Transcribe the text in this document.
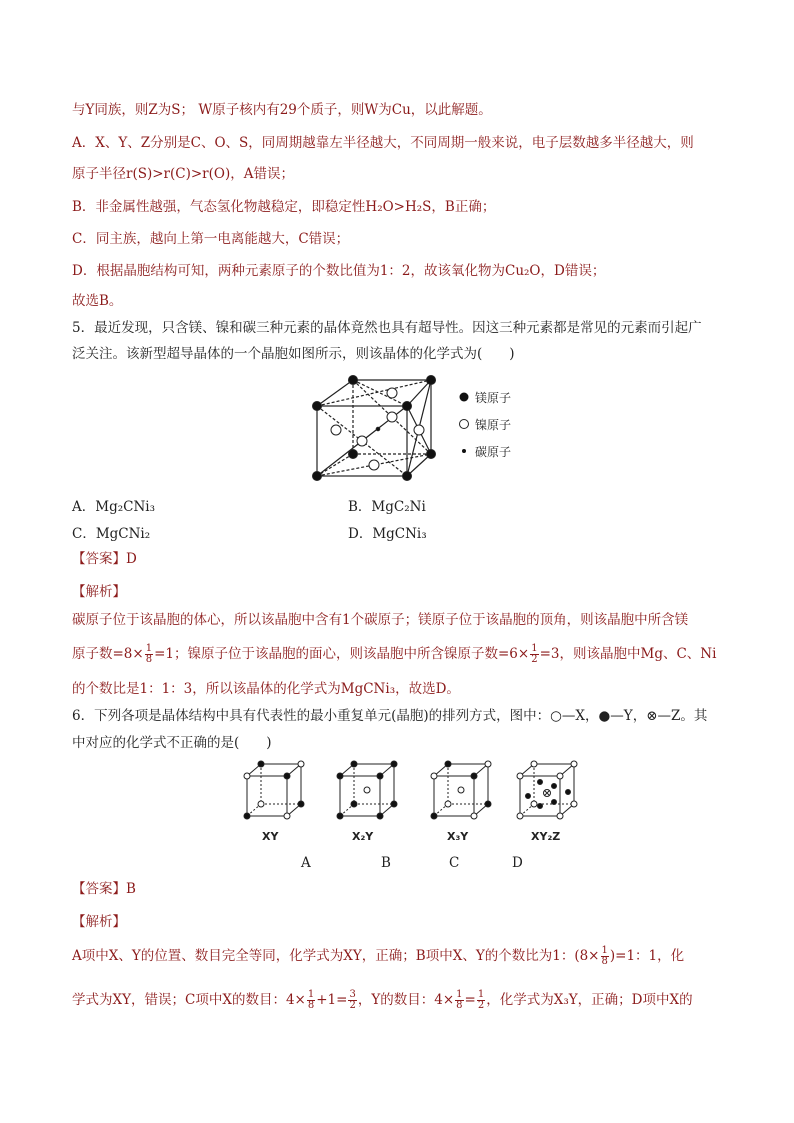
与Y同族，则Z为S； W原子核内有29个质子，则W为Cu，以此解题。
A．X、Y、Z分别是C、O、S，同周期越靠左半径越大，不同周期一般来说，电子层数越多半径越大，则
原子半径r(S)>r(C)>r(O)，A错误；
B．非金属性越强，气态氢化物越稳定，即稳定性H₂O>H₂S，B正确；
C．同主族，越向上第一电离能越大，C错误；
D．根据晶胞结构可知，两种元素原子的个数比值为1：2，故该氧化物为Cu₂O，D错误；
故选B。
5．最近发现，只含镁、镍和碳三种元素的晶体竟然也具有超导性。因这三种元素都是常见的元素而引起广
泛关注。该新型超导晶体的一个晶胞如图所示，则该晶体的化学式为(　　)
镁原子
镍原子
碳原子
A．Mg₂CNi₃	B．MgC₂Ni
C．MgCNi₂	D．MgCNi₃
【答案】D
【解析】
碳原子位于该晶胞的体心，所以该晶胞中含有1个碳原子；镁原子位于该晶胞的顶角，则该晶胞中所含镁
原子数$=8\times \frac{1}{8} =1$；镍原子位于该晶胞的面心，则该晶胞中所含镍原子数$=6\times \frac{1}{2} =3$，则该晶胞中Mg、C、Ni
的个数比是1：1：3，所以该晶体的化学式为MgCNi₃，故选D。
6．下列各项是晶体结构中具有代表性的最小重复单元(晶胞)的排列方式，图中：○—X，●—Y，⊗—Z。其
中对应的化学式不正确的是(　　)
XY	X₂Y	X₃Y	XY₂Z
A	B	C	D
【答案】B
【解析】
A项中X、Y的位置、数目完全等同，化学式为XY，正确；B项中X、Y的个数比为1：$(8\times \frac{1}{8} )=1$：1，化
学式为XY，错误；C项中X的数目：$4\times \frac{1}{8} +1= \frac{3}{2}$ ，Y的数目：$4\times \frac{1}{8} = \frac{1}{2}$ ，化学式为X₃Y，正确；D项中X的
